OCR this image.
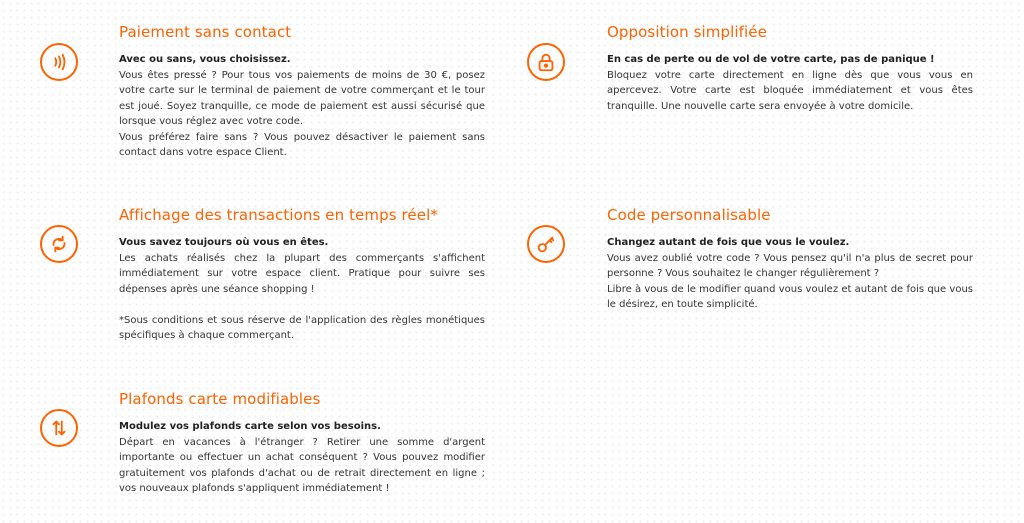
Paiement sans contact

Avec ou sans, vous choisissez.

Vous êtes pressé ? Pour tous vos paiements de moins de 30 €, posez votre carte sur le terminal de paiement de votre commerçant et le tour est joué. Soyez tranquille, ce mode de paiement est aussi sécurisé que lorsque vous réglez avec votre code.

Vous préférez faire sans ? Vous pouvez désactiver le paiement sans contact dans votre espace Client.

Opposition simplifiée

En cas de perte ou de vol de votre carte, pas de panique !

Bloquez votre carte directement en ligne dès que vous vous en apercevez. Votre carte est bloquée immédiatement et vous êtes tranquille. Une nouvelle carte sera envoyée à votre domicile.

Affichage des transactions en temps réel*

Vous savez toujours où vous en êtes.

Les achats réalisés chez la plupart des commerçants s'affichent immédiatement sur votre espace client. Pratique pour suivre ses dépenses après une séance shopping !

*Sous conditions et sous réserve de l'application des règles monétiques spécifiques à chaque commerçant.

Code personnalisable

Changez autant de fois que vous le voulez.

Vous avez oublié votre code ? Vous pensez qu'il n'a plus de secret pour personne ? Vous souhaitez le changer régulièrement ?

Libre à vous de le modifier quand vous voulez et autant de fois que vous le désirez, en toute simplicité.

Plafonds carte modifiables

Modulez vos plafonds carte selon vos besoins.

Départ en vacances à l'étranger ? Retirer une somme d'argent importante ou effectuer un achat conséquent ? Vous pouvez modifier gratuitement vos plafonds d'achat ou de retrait directement en ligne ; vos nouveaux plafonds s'appliquent immédiatement !
